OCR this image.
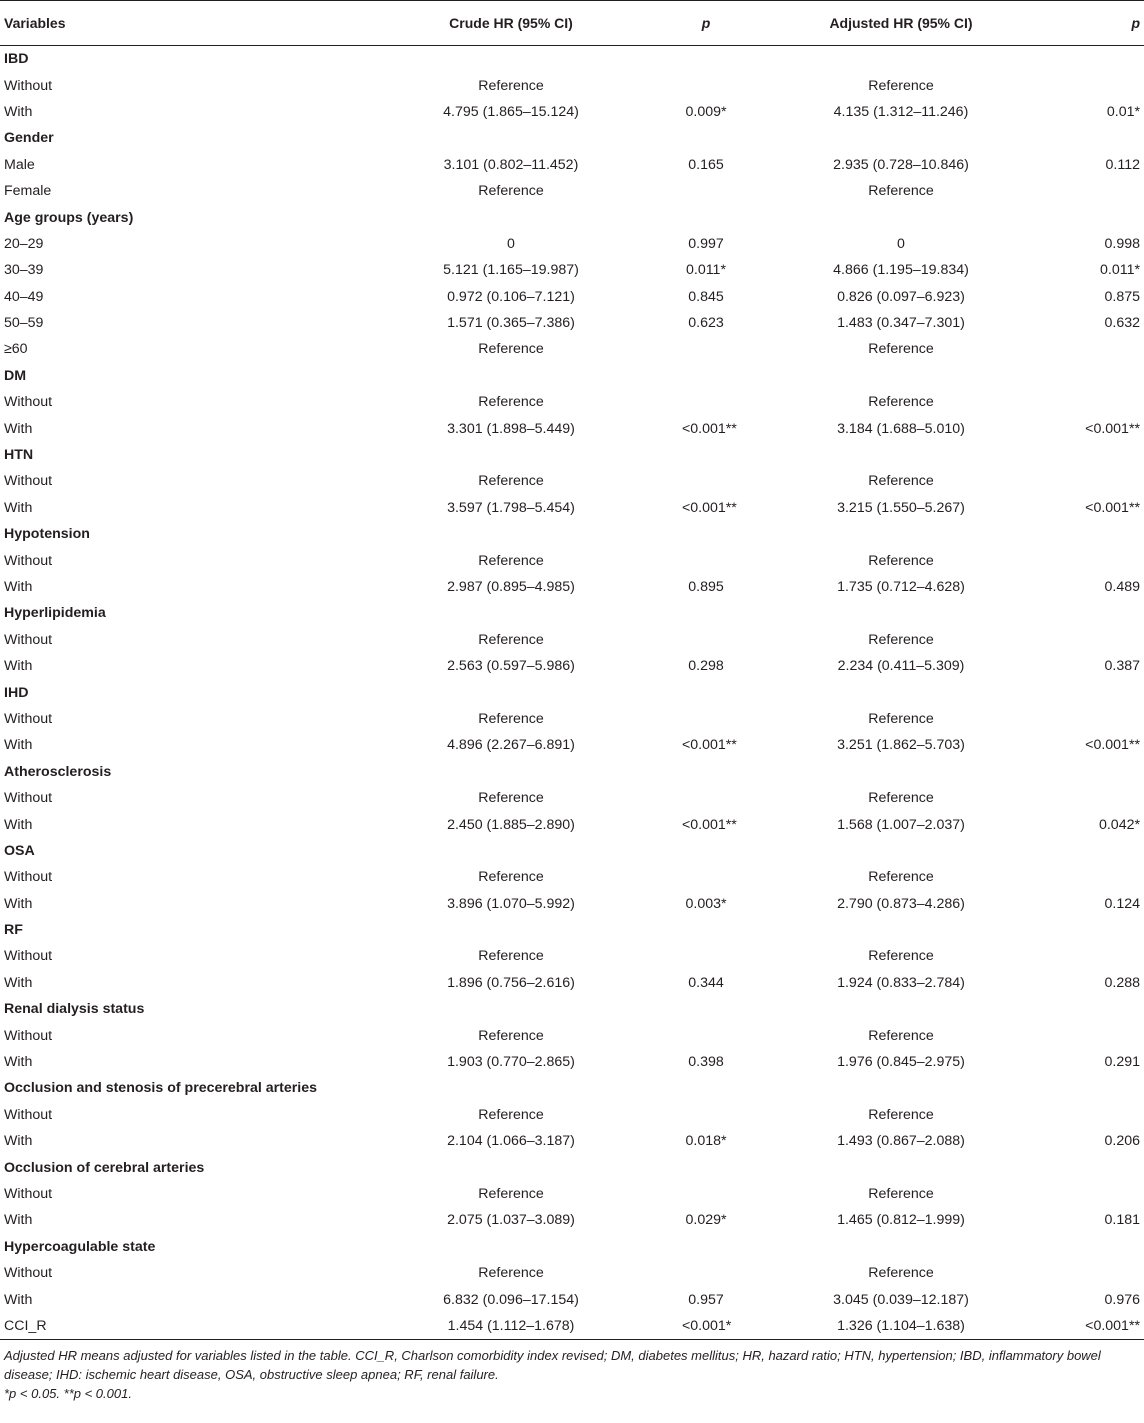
Variables	Crude HR (95% CI)	p	Adjusted HR (95% CI)	p
IBD				
Without	Reference		Reference	
With	4.795 (1.865–15.124)	0.009*	4.135 (1.312–11.246)	0.01*
Gender				
Male	3.101 (0.802–11.452)	0.165	2.935 (0.728–10.846)	0.112
Female	Reference		Reference	
Age groups (years)				
20–29	0	0.997	0	0.998
30–39	5.121 (1.165–19.987)	0.011*	4.866 (1.195–19.834)	0.011*
40–49	0.972 (0.106–7.121)	0.845	0.826 (0.097–6.923)	0.875
50–59	1.571 (0.365–7.386)	0.623	1.483 (0.347–7.301)	0.632
≥60	Reference		Reference	
DM				
Without	Reference		Reference	
With	3.301 (1.898–5.449)	<0.001**	3.184 (1.688–5.010)	<0.001**
HTN				
Without	Reference		Reference	
With	3.597 (1.798–5.454)	<0.001**	3.215 (1.550–5.267)	<0.001**
Hypotension				
Without	Reference		Reference	
With	2.987 (0.895–4.985)	0.895	1.735 (0.712–4.628)	0.489
Hyperlipidemia				
Without	Reference		Reference	
With	2.563 (0.597–5.986)	0.298	2.234 (0.411–5.309)	0.387
IHD				
Without	Reference		Reference	
With	4.896 (2.267–6.891)	<0.001**	3.251 (1.862–5.703)	<0.001**
Atherosclerosis				
Without	Reference		Reference	
With	2.450 (1.885–2.890)	<0.001**	1.568 (1.007–2.037)	0.042*
OSA				
Without	Reference		Reference	
With	3.896 (1.070–5.992)	0.003*	2.790 (0.873–4.286)	0.124
RF				
Without	Reference		Reference	
With	1.896 (0.756–2.616)	0.344	1.924 (0.833–2.784)	0.288
Renal dialysis status				
Without	Reference		Reference	
With	1.903 (0.770–2.865)	0.398	1.976 (0.845–2.975)	0.291
Occlusion and stenosis of precerebral arteries				
Without	Reference		Reference	
With	2.104 (1.066–3.187)	0.018*	1.493 (0.867–2.088)	0.206
Occlusion of cerebral arteries				
Without	Reference		Reference	
With	2.075 (1.037–3.089)	0.029*	1.465 (0.812–1.999)	0.181
Hypercoagulable state				
Without	Reference		Reference	
With	6.832 (0.096–17.154)	0.957	3.045 (0.039–12.187)	0.976
CCI_R	1.454 (1.112–1.678)	<0.001*	1.326 (1.104–1.638)	<0.001**

Adjusted HR means adjusted for variables listed in the table. CCI_R, Charlson comorbidity index revised; DM, diabetes mellitus; HR, hazard ratio; HTN, hypertension; IBD, inflammatory bowel disease; IHD: ischemic heart disease, OSA, obstructive sleep apnea; RF, renal failure.

*p < 0.05. **p < 0.001.
